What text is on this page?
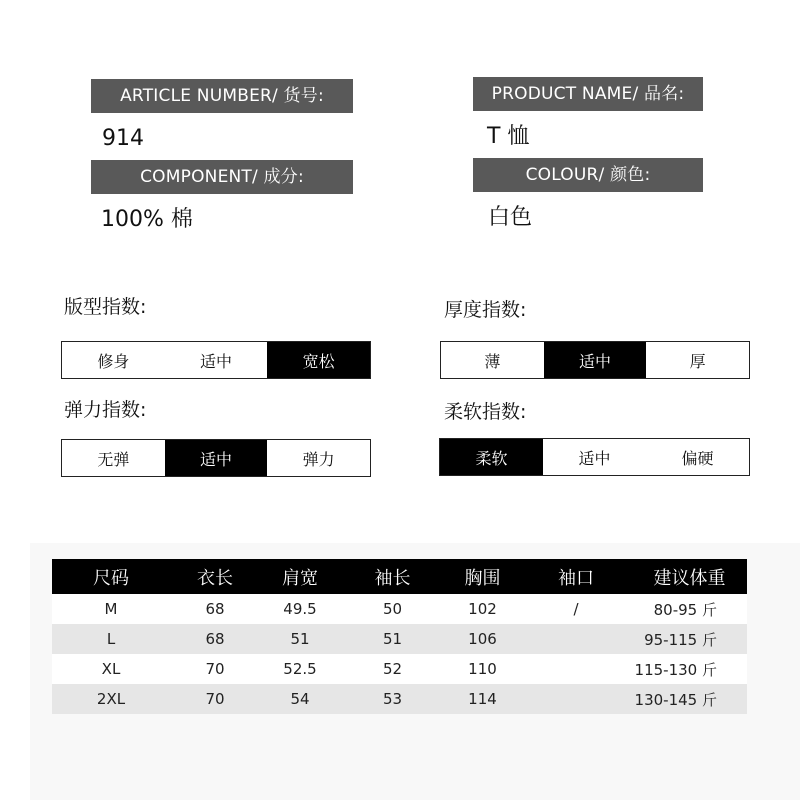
ARTICLE NUMBER/ 货号:
914
PRODUCT NAME/ 品名:
T 恤
COMPONENT/ 成分:
100% 棉
COLOUR/ 颜色:
白色
版型指数:
修身	适中	宽松
厚度指数:
薄	适中	厚
弹力指数:
无弹	适中	弹力
柔软指数:
柔软	适中	偏硬
尺码	衣长	肩宽	袖长	胸围	袖口	建议体重
M	68	49.5	50	102	/	80-95 斤
L	68	51	51	106		95-115 斤
XL	70	52.5	52	110		115-130 斤
2XL	70	54	53	114		130-145 斤
